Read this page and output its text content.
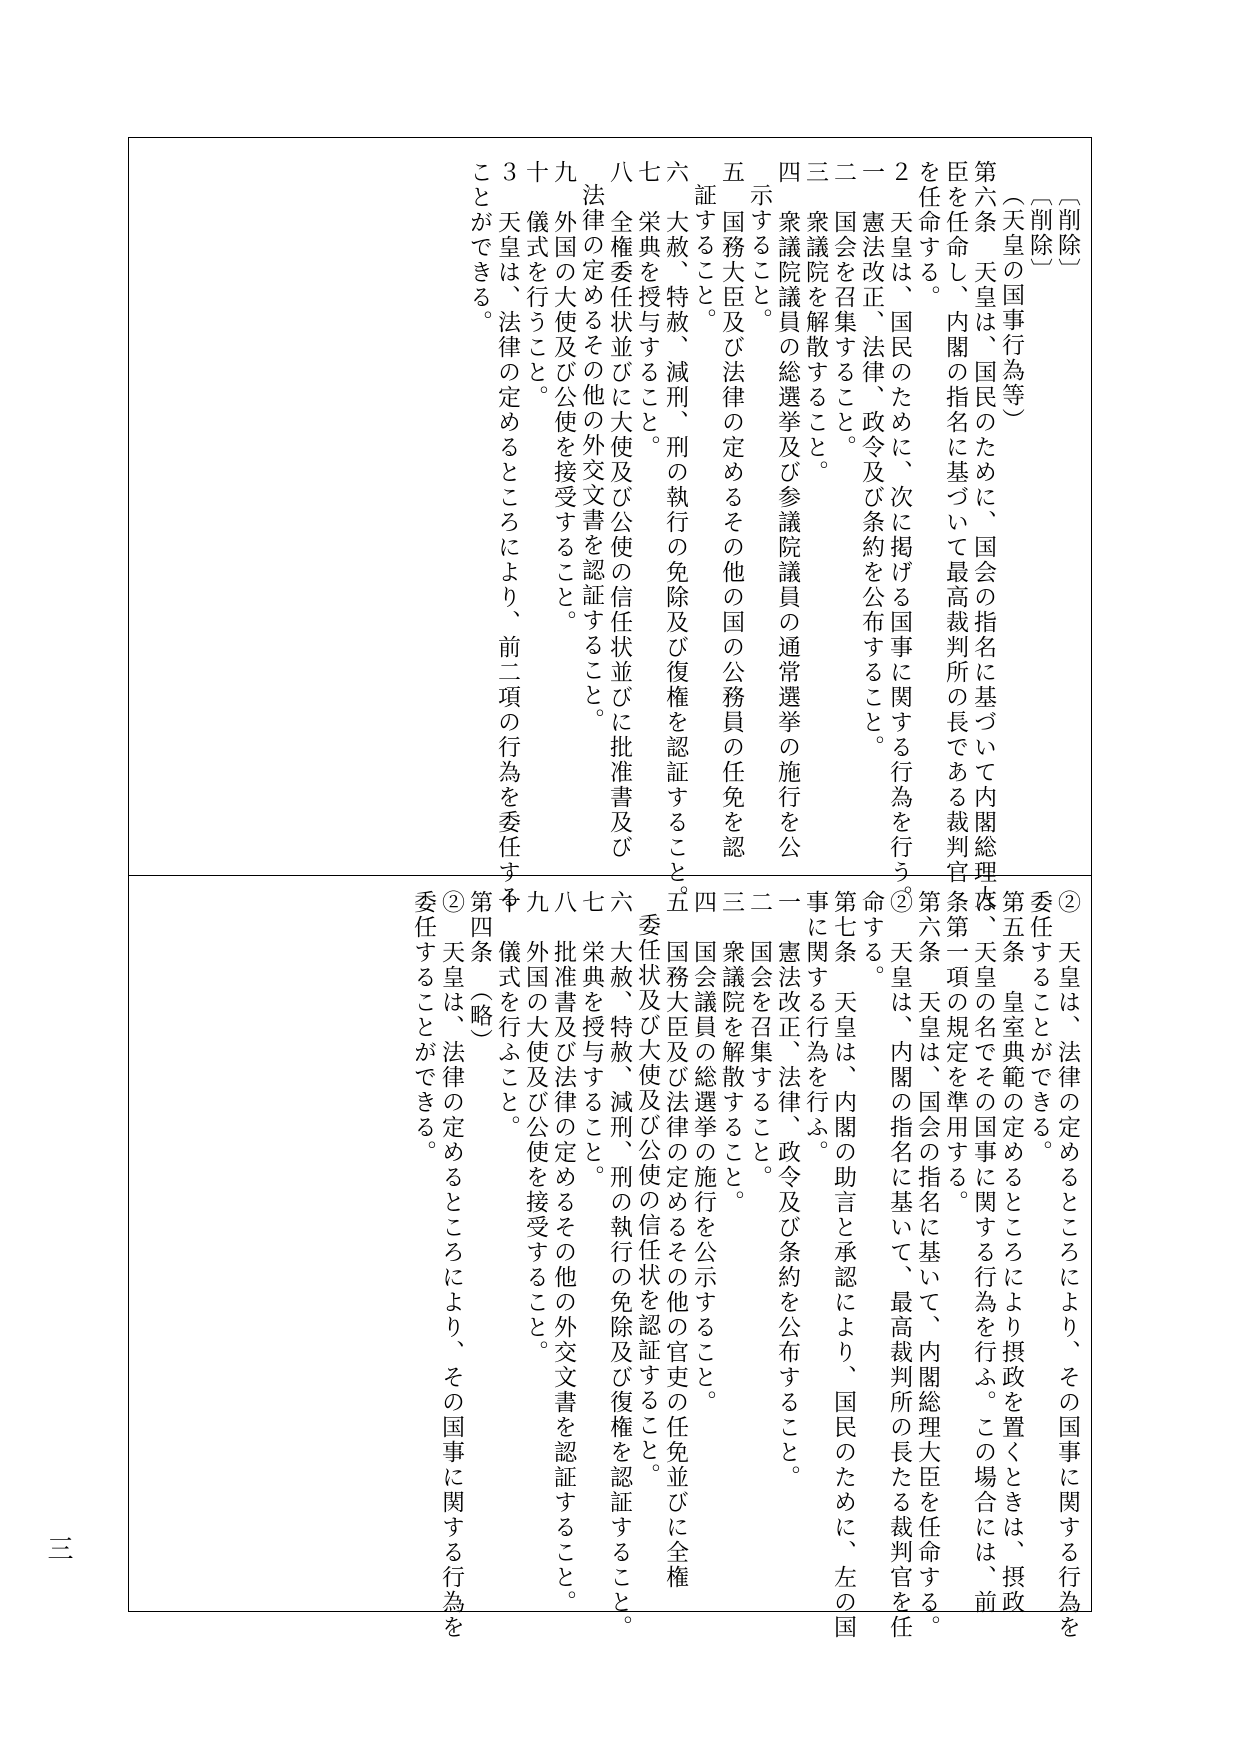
〔削除〕
〔削除〕
（天皇の国事行為等）
第六条　天皇は、国民のために、国会の指名に基づいて内閣総理大
臣を任命し、内閣の指名に基づいて最高裁判所の長である裁判官
を任命する。
２　天皇は、国民のために、次に掲げる国事に関する行為を行う。
一　憲法改正、法律、政令及び条約を公布すること。
二　国会を召集すること。
三　衆議院を解散すること。
四　衆議院議員の総選挙及び参議院議員の通常選挙の施行を公
示すること。
五　国務大臣及び法律の定めるその他の国の公務員の任免を認
証すること。
六　大赦、特赦、減刑、刑の執行の免除及び復権を認証すること。
七　栄典を授与すること。
八　全権委任状並びに大使及び公使の信任状並びに批准書及び
法律の定めるその他の外交文書を認証すること。
九　外国の大使及び公使を接受すること。
十　儀式を行うこと。
３　天皇は、法律の定めるところにより、前二項の行為を委任する
ことができる。
②　天皇は、法律の定めるところにより、その国事に関する行為を
委任することができる。
第五条　皇室典範の定めるところにより摂政を置くときは、摂政
は、天皇の名でその国事に関する行為を行ふ。この場合には、前
条第一項の規定を準用する。
第六条　天皇は、国会の指名に基いて、内閣総理大臣を任命する。
②　天皇は、内閣の指名に基いて、最高裁判所の長たる裁判官を任
命する。
第七条　天皇は、内閣の助言と承認により、国民のために、左の国
事に関する行為を行ふ。
一　憲法改正、法律、政令及び条約を公布すること。
二　国会を召集すること。
三　衆議院を解散すること。
四　国会議員の総選挙の施行を公示すること。
五　国務大臣及び法律の定めるその他の官吏の任免並びに全権
委任状及び大使及び公使の信任状を認証すること。
六　大赦、特赦、減刑、刑の執行の免除及び復権を認証すること。
七　栄典を授与すること。
八　批准書及び法律の定めるその他の外交文書を認証すること。
九　外国の大使及び公使を接受すること。
十　儀式を行ふこと。
第四条　（略）
②　天皇は、法律の定めるところにより、その国事に関する行為を
委任することができる。
三
